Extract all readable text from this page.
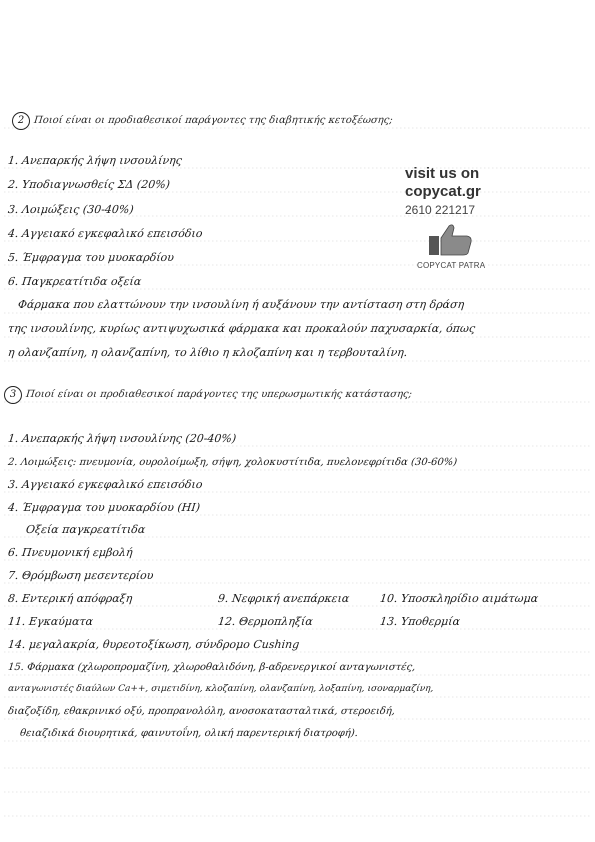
2 Ποιοί είναι οι προδιαθεσικοί παράγοντες της διαβητικής κετοξέωσης;
1. Ανεπαρκής λήψη ινσουλίνης
2. Υποδιαγνωσθείς ΣΔ (20%)
3. Λοιμώξεις (30-40%)
4. Αγγειακό εγκεφαλικό επεισόδιο
5. Έμφραγμα του μυοκαρδίου
6. Παγκρεατίτιδα οξεία
Φάρμακα που ελαττώνουν την ινσουλίνη ή αυξάνουν την αντίσταση στη δράση
της ινσουλίνης, κυρίως αντιψυχωσικά φάρμακα και προκαλούν παχυσαρκία, όπως
η ολανζαπίνη, η ολανζαπίνη, το λίθιο η κλοζαπίνη και η τερβουταλίνη.
3 Ποιοί είναι οι προδιαθεσικοί παράγοντες της υπερωσμωτικής κατάστασης;
1. Ανεπαρκής λήψη ινσουλίνης (20-40%)
2. Λοιμώξεις: πνευμονία, ουρολοίμωξη, σήψη, χολοκυστίτιδα, πυελονεφρίτιδα (30-60%)
3. Αγγειακό εγκεφαλικό επεισόδιο
4. Έμφραγμα του μυοκαρδίου (ΗΙ)
Οξεία παγκρεατίτιδα
6. Πνευμονική εμβολή
7. Θρόμβωση μεσεντερίου
8. Εντερική απόφραξη	9. Νεφρική ανεπάρκεια	10. Υποσκληρίδιο αιμάτωμα
11. Εγκαύματα	12. Θερμοπληξία	13. Υποθερμία
14. μεγαλακρία, θυρεοτοξίκωση, σύνδρομο Cushing
15. Φάρμακα (χλωροπρομαζίνη, χλωροθαλιδόνη, β-αδρενεργικοί ανταγωνιστές,
ανταγωνιστές διαύλων Ca++, σιμετιδίνη, κλοζαπίνη, ολανζαπίνη, λοξαπίνη, ισοναρμαζίνη,
διαζοξίδη, εθακρινικό οξύ, προπρανολόλη, ανοσοκατασταλτικά, στεροειδή,
θειαζιδικά διουρητικά, φαινυτοΐνη, ολική παρεντερική διατροφή).
visit us on
copycat.gr
2610 221217
COPYCAT PATRA
